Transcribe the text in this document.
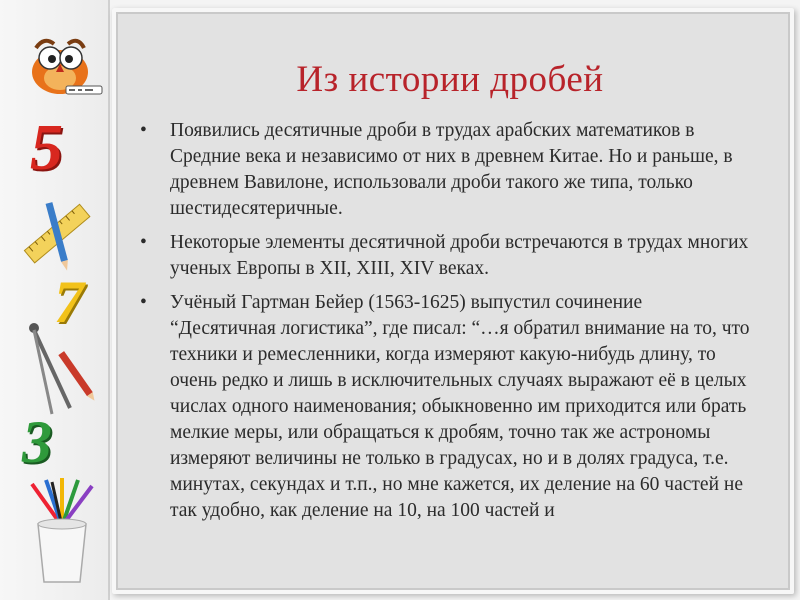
5
7
3
Из истории дробей
• Появились десятичные дроби в трудах арабских математиков в Средние века и независимо от них в древнем Китае. Но и раньше, в древнем Вавилоне, использовали дроби такого же типа, только шестидесятеричные.
• Некоторые элементы десятичной дроби встречаются в трудах многих ученых Европы в XII, XIII, XIV веках.
• Учёный Гартман Бейер (1563-1625) выпустил сочинение “Десятичная логистика”, где писал: “…я обратил внимание на то, что техники и ремесленники, когда измеряют какую-нибудь длину, то очень редко и лишь в исключительных случаях выражают её в целых числах одного наименования; обыкновенно им приходится или брать мелкие меры, или обращаться к дробям, точно так же астрономы измеряют величины не только в градусах, но и в долях градуса, т.е. минутах, секундах и т.п., но мне кажется, их деление на 60 частей не так удобно, как деление на 10, на 100 частей и
